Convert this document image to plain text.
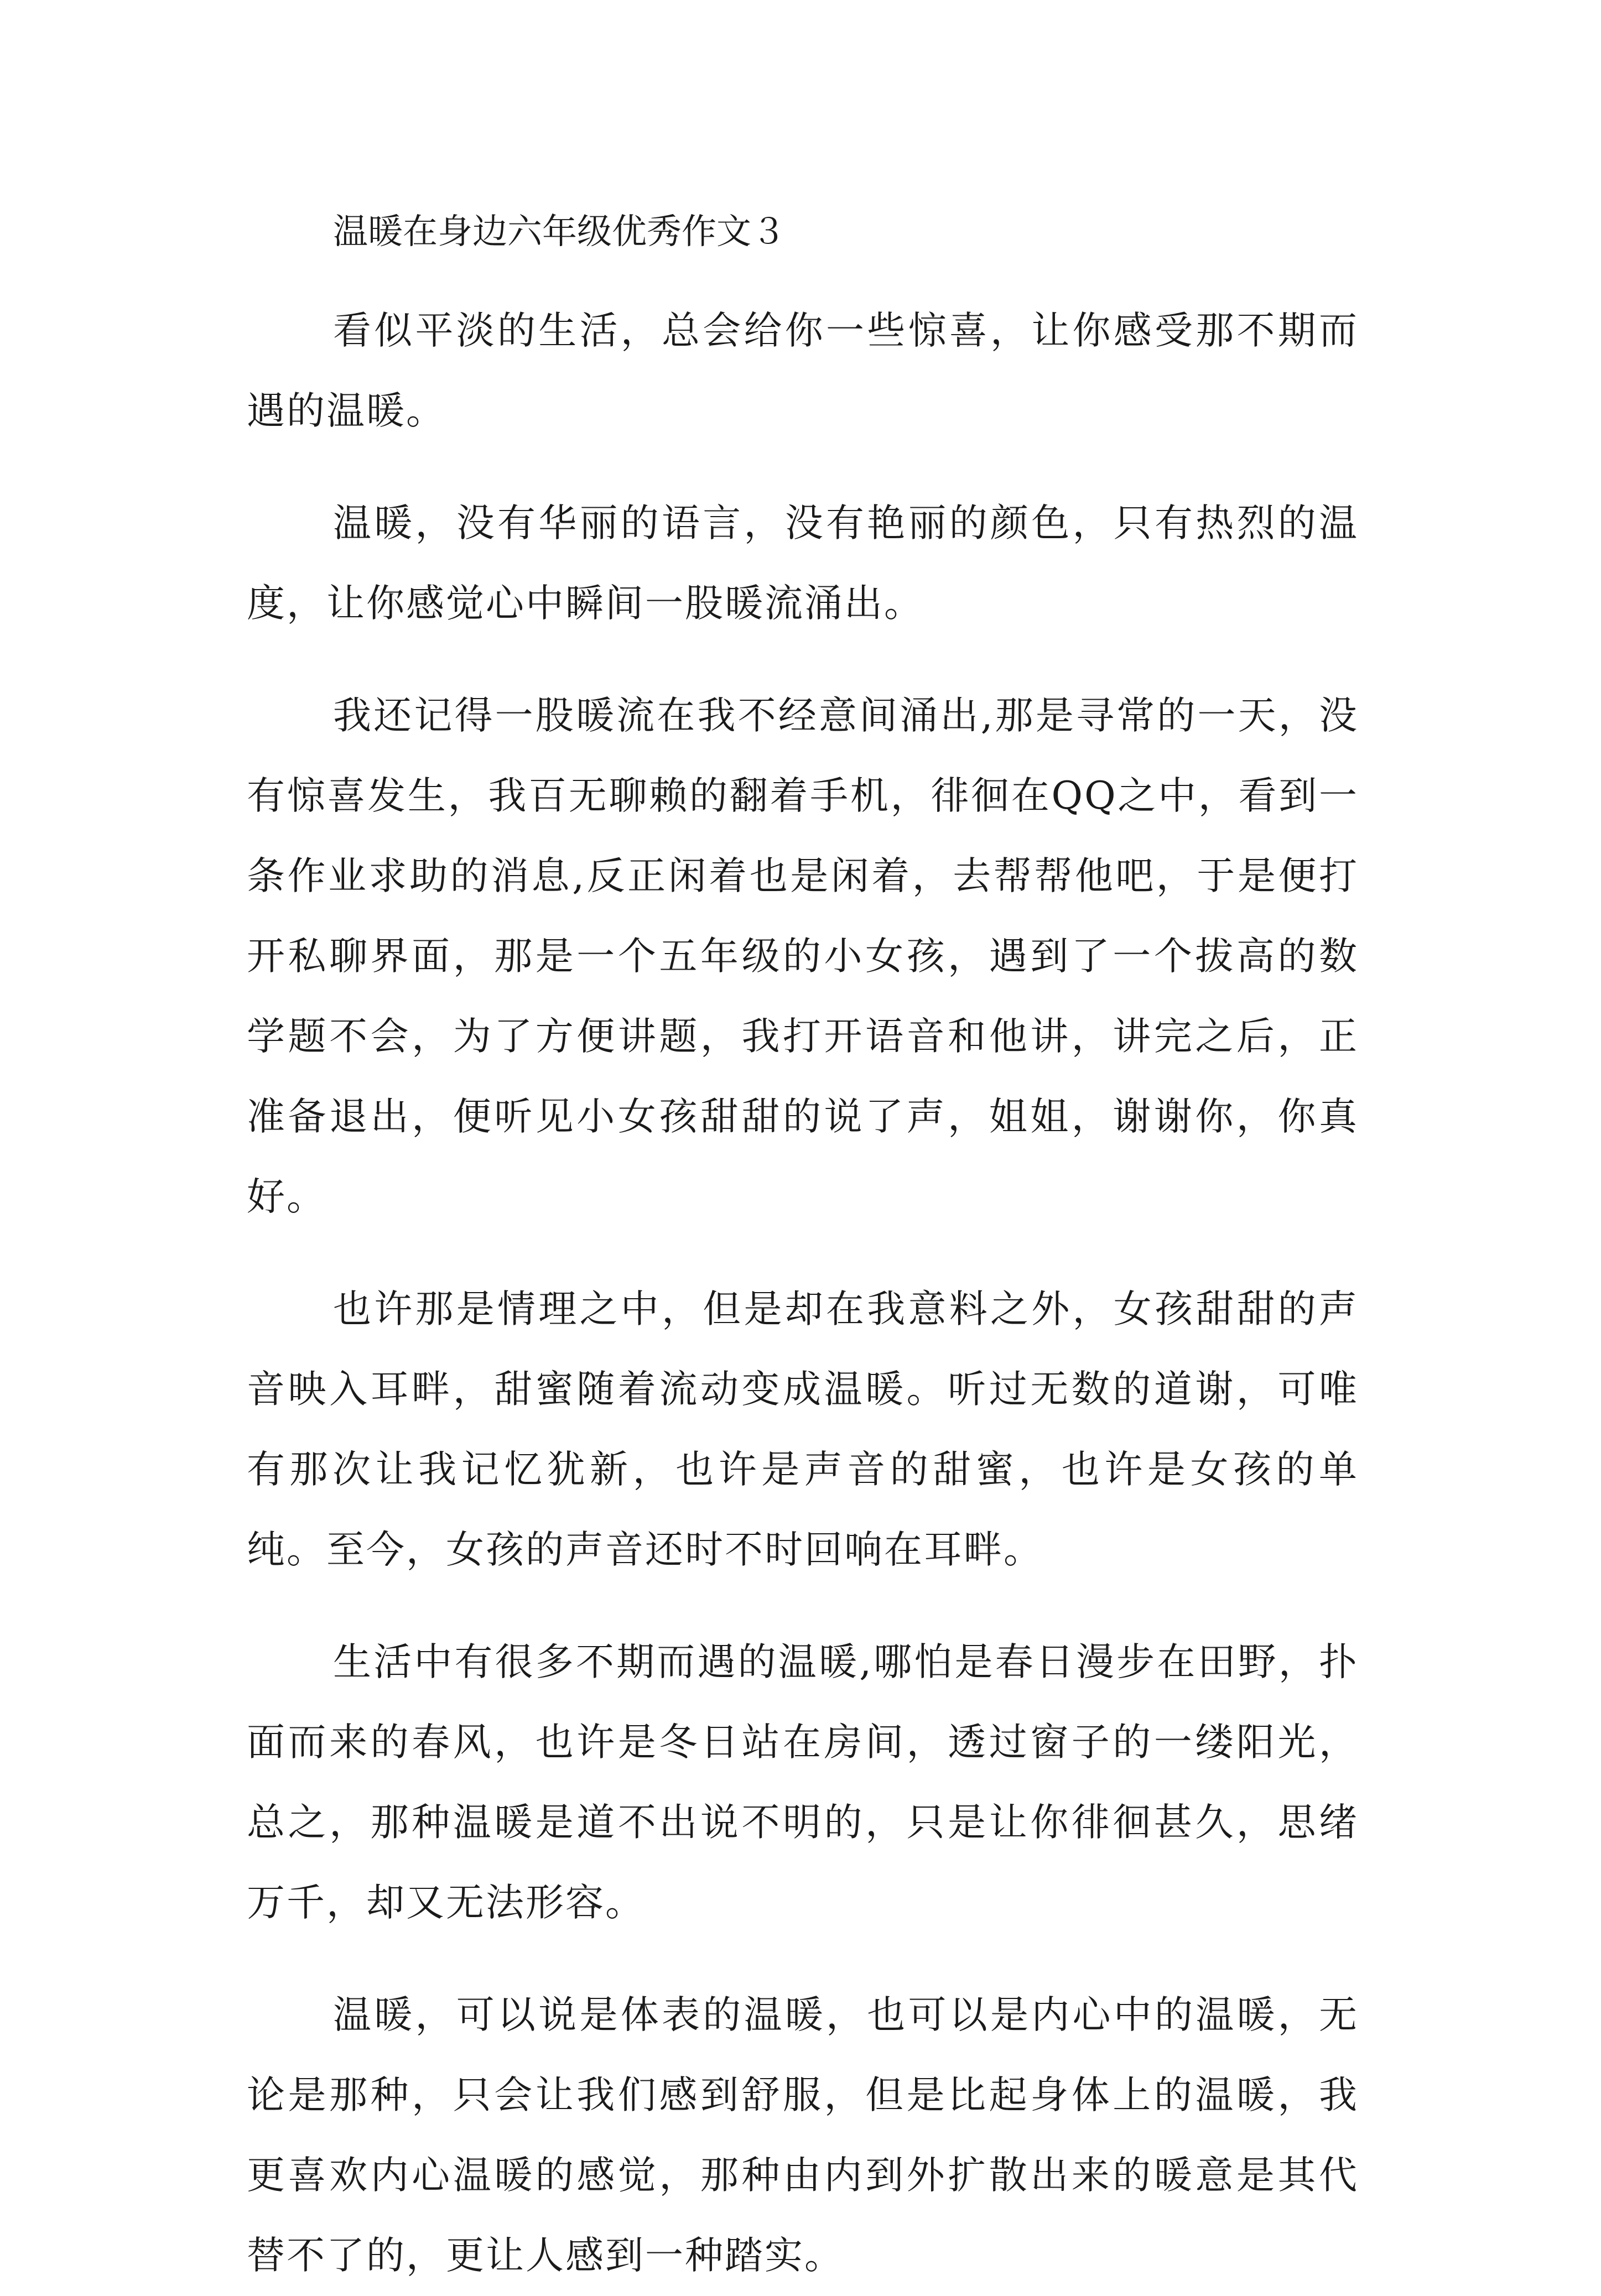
温暖在身边六年级优秀作文３

看似平淡的生活，总会给你一些惊喜，让你感受那不期而遇的温暖。

温暖，没有华丽的语言，没有艳丽的颜色，只有热烈的温度，让你感觉心中瞬间一股暖流涌出。

我还记得一股暖流在我不经意间涌出,那是寻常的一天，没有惊喜发生，我百无聊赖的翻着手机，徘徊在QQ之中，看到一条作业求助的消息,反正闲着也是闲着，去帮帮他吧，于是便打开私聊界面，那是一个五年级的小女孩，遇到了一个拔高的数学题不会，为了方便讲题，我打开语音和他讲，讲完之后，正准备退出，便听见小女孩甜甜的说了声，姐姐，谢谢你，你真好。

也许那是情理之中，但是却在我意料之外，女孩甜甜的声音映入耳畔，甜蜜随着流动变成温暖。听过无数的道谢，可唯有那次让我记忆犹新，也许是声音的甜蜜，也许是女孩的单纯。至今，女孩的声音还时不时回响在耳畔。

生活中有很多不期而遇的温暖,哪怕是春日漫步在田野，扑面而来的春风，也许是冬日站在房间，透过窗子的一缕阳光，总之，那种温暖是道不出说不明的，只是让你徘徊甚久，思绪万千，却又无法形容。

温暖，可以说是体表的温暖，也可以是内心中的温暖，无论是那种，只会让我们感到舒服，但是比起身体上的温暖，我更喜欢内心温暖的感觉，那种由内到外扩散出来的暖意是其代替不了的，更让人感到一种踏实。
